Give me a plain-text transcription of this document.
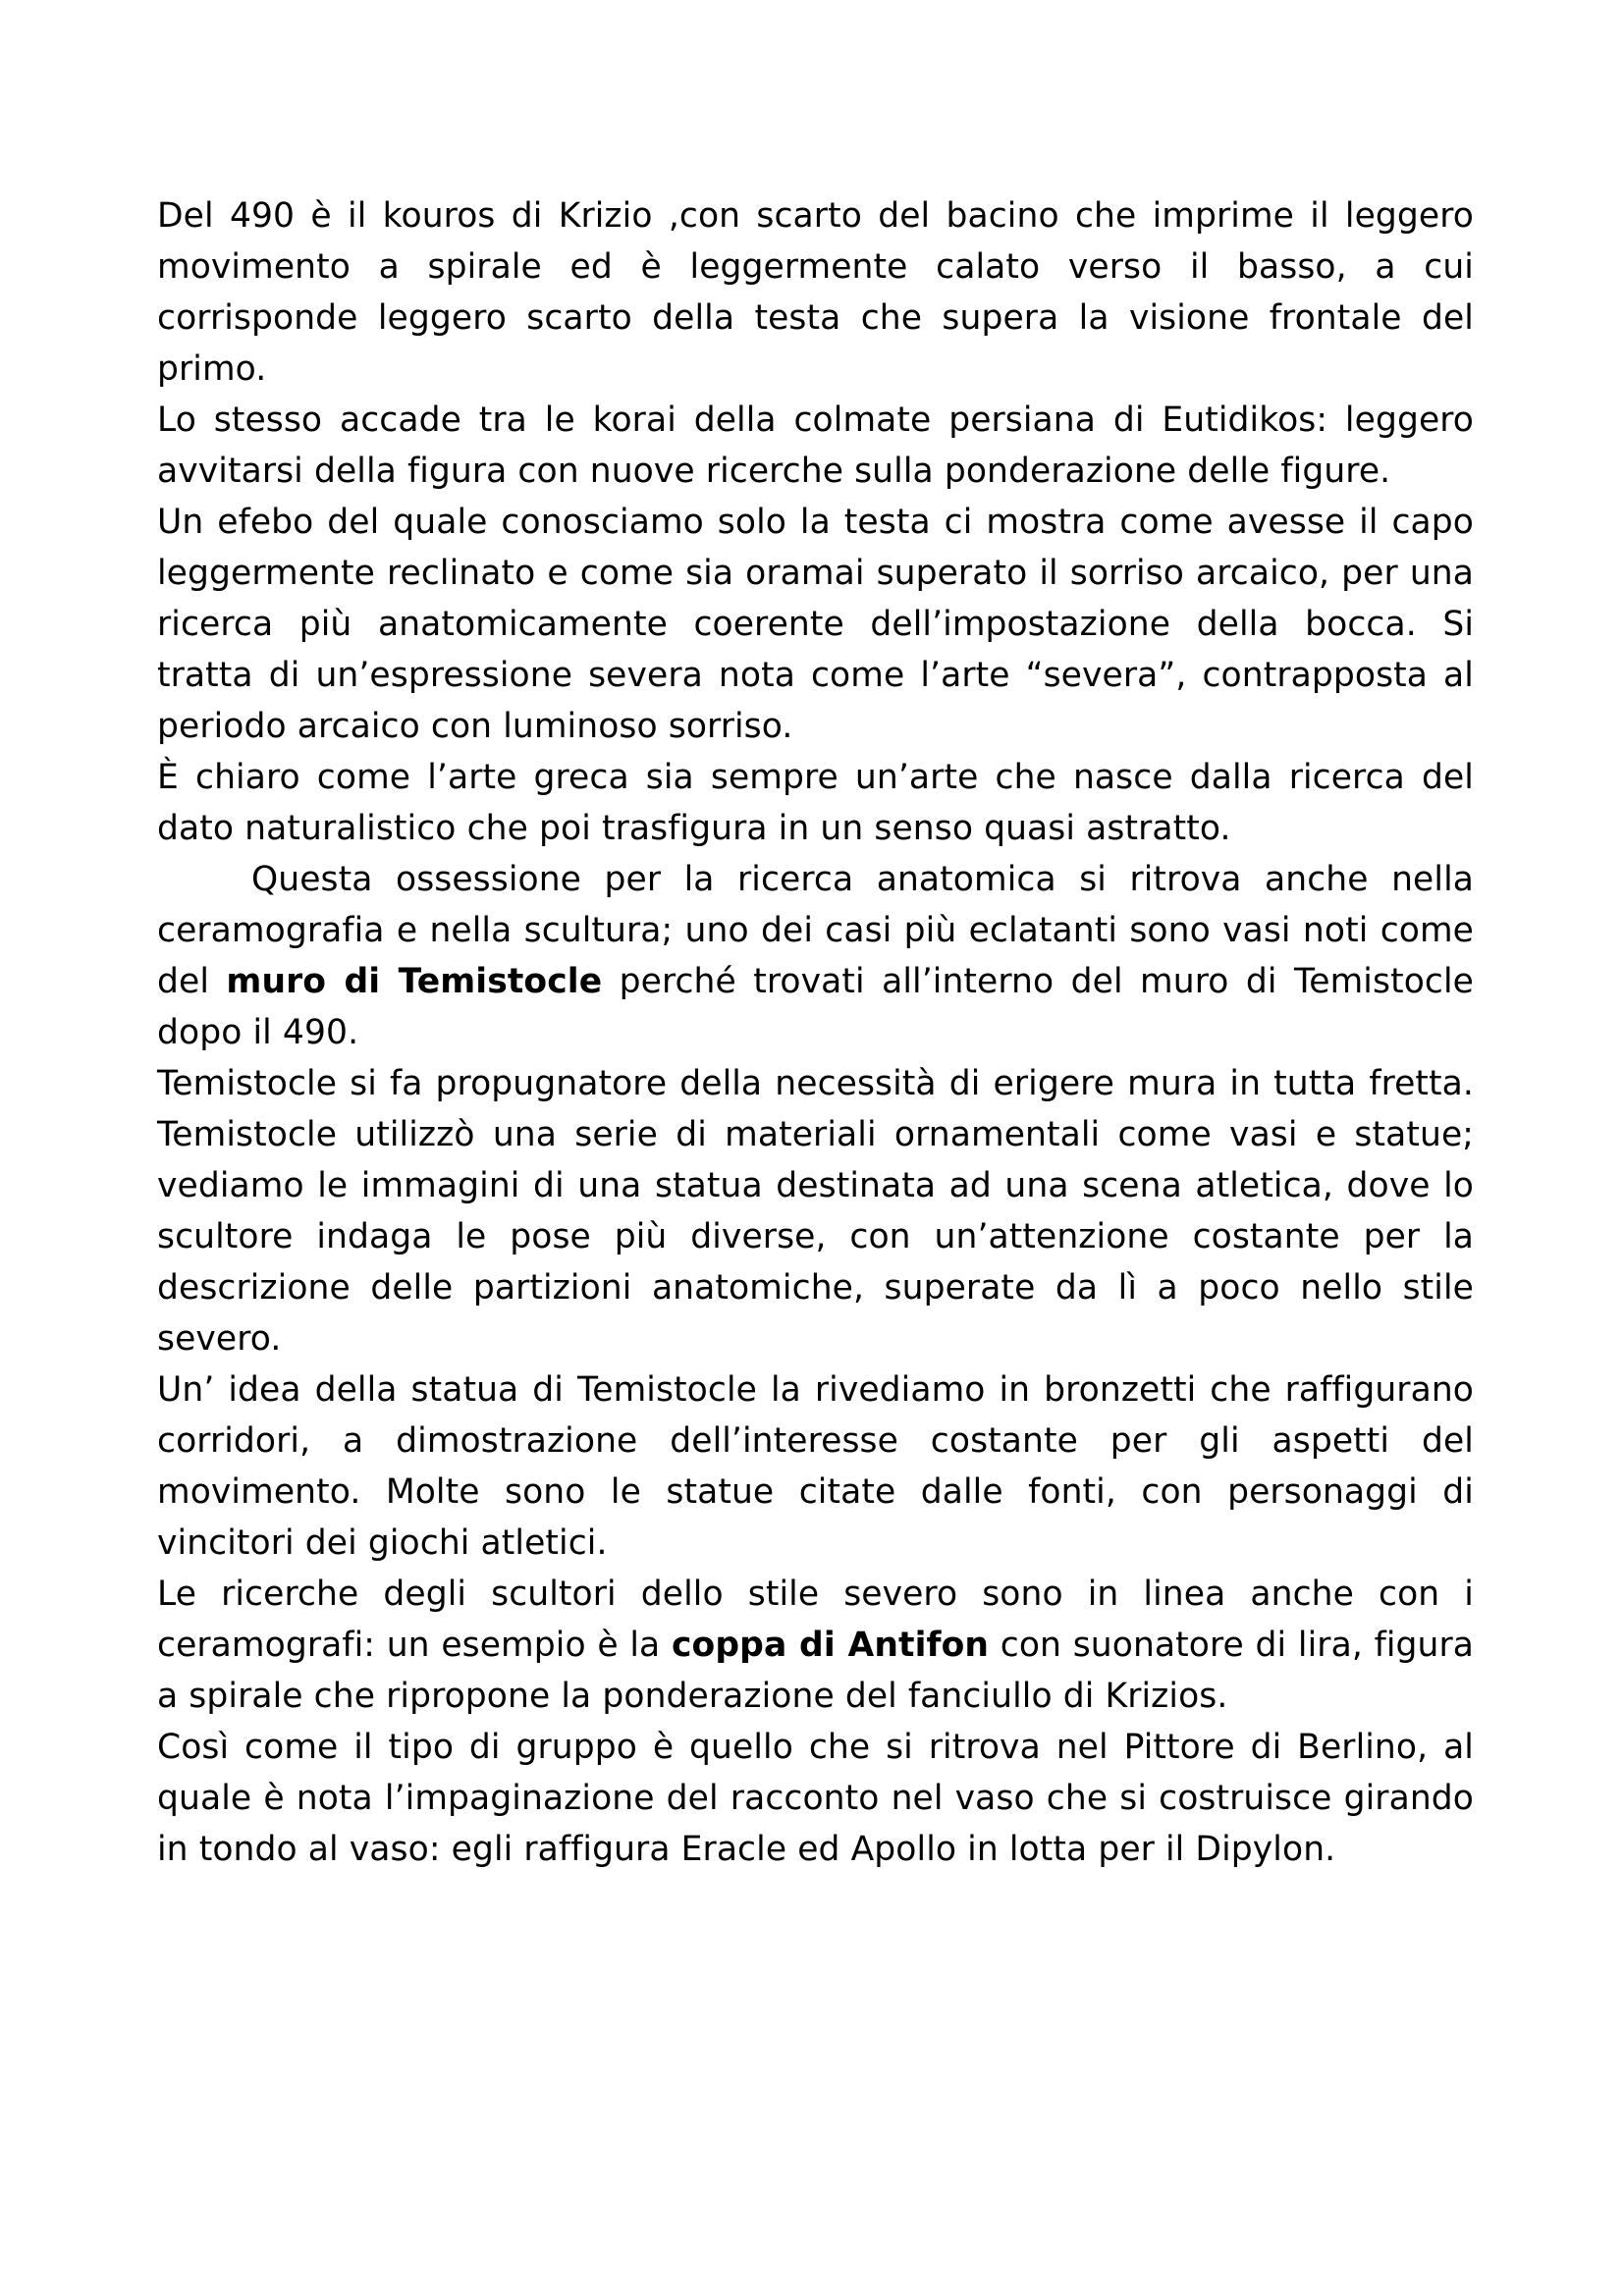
Del 490 è il kouros di Krizio ,con scarto del bacino che imprime il leggero movimento a spirale ed è leggermente calato verso il basso, a cui corrisponde leggero scarto della testa che supera la visione frontale del primo.

Lo stesso accade tra le korai della colmate persiana di Eutidikos: leggero avvitarsi della figura con nuove ricerche sulla ponderazione delle figure.

Un efebo del quale conosciamo solo la testa ci mostra come avesse il capo leggermente reclinato e come sia oramai superato il sorriso arcaico, per una ricerca più anatomicamente coerente dell’impostazione della bocca. Si tratta di un’espressione severa nota come l’arte “severa”, contrapposta al periodo arcaico con luminoso sorriso.

È chiaro come l’arte greca sia sempre un’arte che nasce dalla ricerca del dato naturalistico che poi trasfigura in un senso quasi astratto.

Questa ossessione per la ricerca anatomica si ritrova anche nella ceramografia e nella scultura; uno dei casi più eclatanti sono vasi noti come del muro di Temistocle perché trovati all’interno del muro di Temistocle dopo il 490.

Temistocle si fa propugnatore della necessità di erigere mura in tutta fretta. Temistocle utilizzò una serie di materiali ornamentali come vasi e statue; vediamo le immagini di una statua destinata ad una scena atletica, dove lo scultore indaga le pose più diverse, con un’attenzione costante per la descrizione delle partizioni anatomiche, superate da lì a poco nello stile severo.

Un’ idea della statua di Temistocle la rivediamo in bronzetti che raffigurano corridori, a dimostrazione dell’interesse costante per gli aspetti del movimento. Molte sono le statue citate dalle fonti, con personaggi di vincitori dei giochi atletici.

Le ricerche degli scultori dello stile severo sono in linea anche con i ceramografi: un esempio è la coppa di Antifon con suonatore di lira, figura a spirale che ripropone la ponderazione del fanciullo di Krizios.

Così come il tipo di gruppo è quello che si ritrova nel Pittore di Berlino, al quale è nota l’impaginazione del racconto nel vaso che si costruisce girando in tondo al vaso: egli raffigura Eracle ed Apollo in lotta per il Dipylon.
